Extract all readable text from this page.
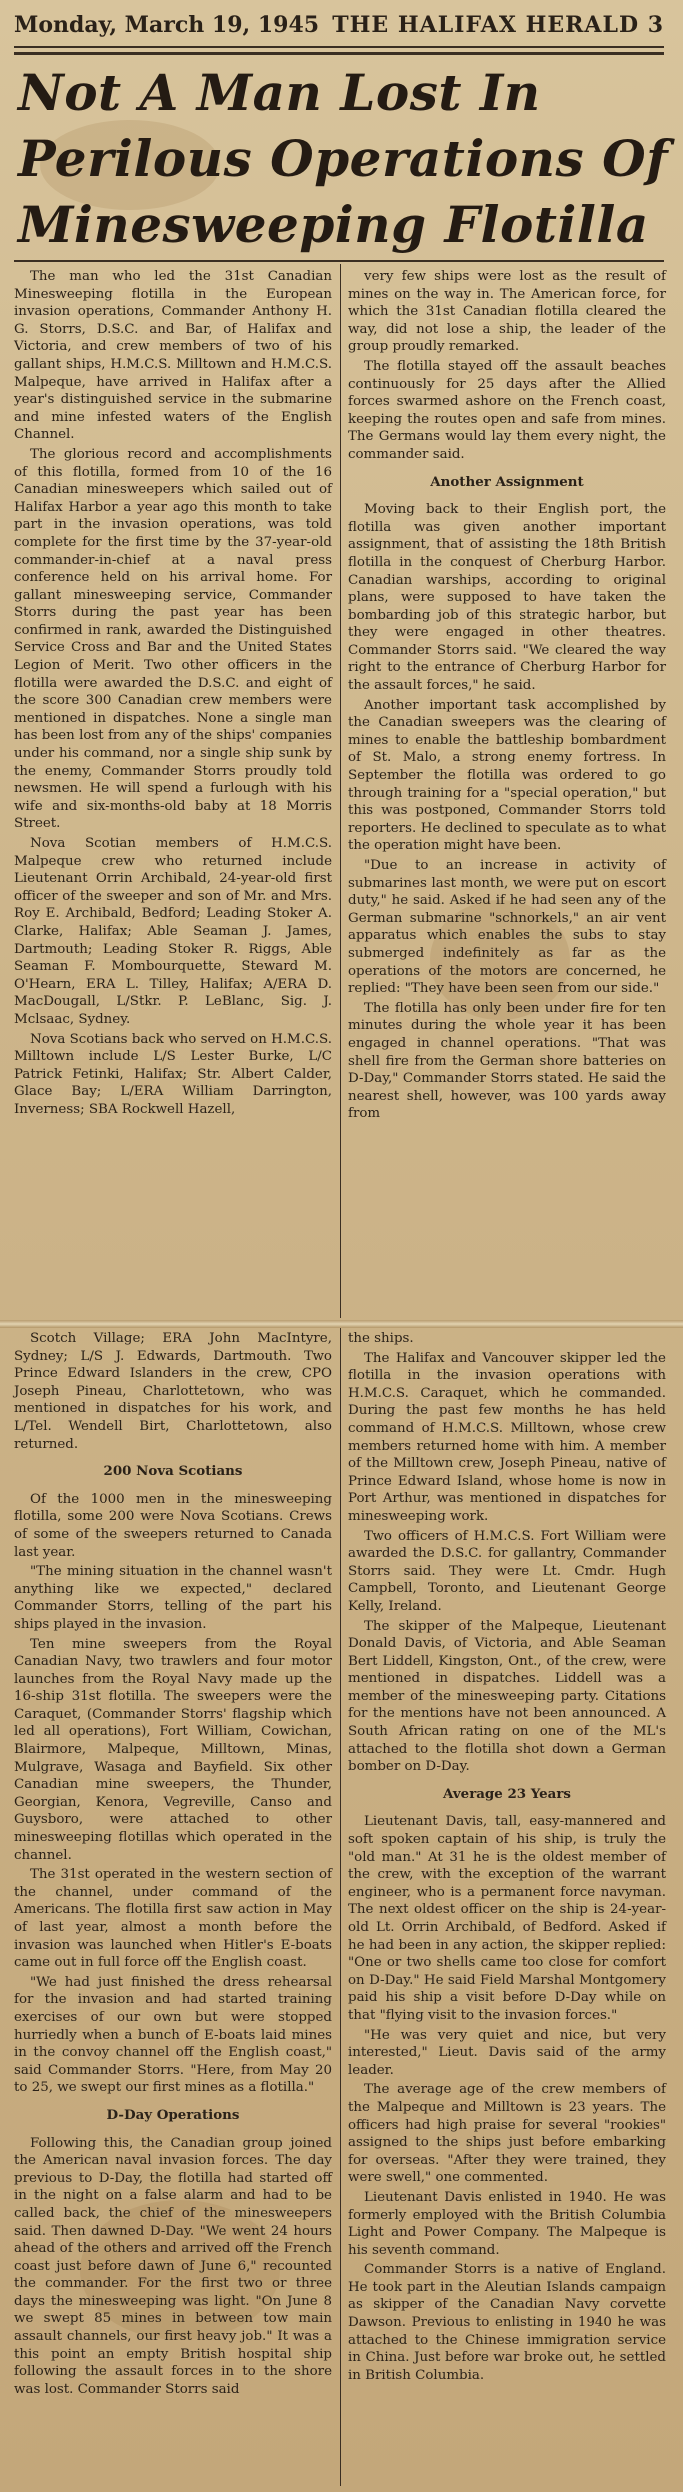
Monday, March 19, 1945 THE HALIFAX HERALD 3
Not A Man Lost In
Perilous Operations Of
Minesweeping Flotilla

The man who led the 31st Canadian Minesweeping flotilla in the European invasion operations, Commander Anthony H. G. Storrs, D.S.C. and Bar, of Halifax and Victoria, and crew members of two of his gallant ships, H.M.C.S. Milltown and H.M.C.S. Malpeque, have arrived in Halifax after a year's distinguished service in the submarine and mine infested waters of the English Channel.

The glorious record and accomplishments of this flotilla, formed from 10 of the 16 Canadian minesweepers which sailed out of Halifax Harbor a year ago this month to take part in the invasion operations, was told complete for the first time by the 37-year-old commander-in-chief at a naval press conference held on his arrival home. For gallant minesweeping service, Commander Storrs during the past year has been confirmed in rank, awarded the Distinguished Service Cross and Bar and the United States Legion of Merit. Two other officers in the flotilla were awarded the D.S.C. and eight of the score 300 Canadian crew members were mentioned in dispatches. None a single man has been lost from any of the ships' companies under his command, nor a single ship sunk by the enemy, Commander Storrs proudly told newsmen. He will spend a furlough with his wife and six-months-old baby at 18 Morris Street.

Nova Scotian members of H.M.C.S. Malpeque crew who returned include Lieutenant Orrin Archibald, 24-year-old first officer of the sweeper and son of Mr. and Mrs. Roy E. Archibald, Bedford; Leading Stoker A. Clarke, Halifax; Able Seaman J. James, Dartmouth; Leading Stoker R. Riggs, Able Seaman F. Mombourquette, Steward M. O'Hearn, ERA L. Tilley, Halifax; A/ERA D. MacDougall, L/Stkr. P. LeBlanc, Sig. J. Mclsaac, Sydney.

Nova Scotians back who served on H.M.C.S. Milltown include L/S Lester Burke, L/C Patrick Fetinki, Halifax; Str. Albert Calder, Glace Bay; L/ERA William Darrington, Inverness; SBA Rockwell Hazell,

very few ships were lost as the result of mines on the way in. The American force, for which the 31st Canadian flotilla cleared the way, did not lose a ship, the leader of the group proudly remarked.

The flotilla stayed off the assault beaches continuously for 25 days after the Allied forces swarmed ashore on the French coast, keeping the routes open and safe from mines. The Germans would lay them every night, the commander said.

Another Assignment

Moving back to their English port, the flotilla was given another important assignment, that of assisting the 18th British flotilla in the conquest of Cherburg Harbor. Canadian warships, according to original plans, were supposed to have taken the bombarding job of this strategic harbor, but they were engaged in other theatres. Commander Storrs said. "We cleared the way right to the entrance of Cherburg Harbor for the assault forces," he said.

Another important task accomplished by the Canadian sweepers was the clearing of mines to enable the battleship bombardment of St. Malo, a strong enemy fortress. In September the flotilla was ordered to go through training for a "special operation," but this was postponed, Commander Storrs told reporters. He declined to speculate as to what the operation might have been.

"Due to an increase in activity of submarines last month, we were put on escort duty," he said. Asked if he had seen any of the German submarine "schnorkels," an air vent apparatus which enables the subs to stay submerged indefinitely as far as the operations of the motors are concerned, he replied: "They have been seen from our side."

The flotilla has only been under fire for ten minutes during the whole year it has been engaged in channel operations. "That was shell fire from the German shore batteries on D-Day," Commander Storrs stated. He said the nearest shell, however, was 100 yards away from

Scotch Village; ERA John MacIntyre, Sydney; L/S J. Edwards, Dartmouth. Two Prince Edward Islanders in the crew, CPO Joseph Pineau, Charlottetown, who was mentioned in dispatches for his work, and L/Tel. Wendell Birt, Charlottetown, also returned.

200 Nova Scotians

Of the 1000 men in the minesweeping flotilla, some 200 were Nova Scotians. Crews of some of the sweepers returned to Canada last year.

"The mining situation in the channel wasn't anything like we expected," declared Commander Storrs, telling of the part his ships played in the invasion.

Ten mine sweepers from the Royal Canadian Navy, two trawlers and four motor launches from the Royal Navy made up the 16-ship 31st flotilla. The sweepers were the Caraquet, (Commander Storrs' flagship which led all operations), Fort William, Cowichan, Blairmore, Malpeque, Milltown, Minas, Mulgrave, Wasaga and Bayfield. Six other Canadian mine sweepers, the Thunder, Georgian, Kenora, Vegreville, Canso and Guysboro, were attached to other minesweeping flotillas which operated in the channel.

The 31st operated in the western section of the channel, under command of the Americans. The flotilla first saw action in May of last year, almost a month before the invasion was launched when Hitler's E-boats came out in full force off the English coast.

"We had just finished the dress rehearsal for the invasion and had started training exercises of our own but were stopped hurriedly when a bunch of E-boats laid mines in the convoy channel off the English coast," said Commander Storrs. "Here, from May 20 to 25, we swept our first mines as a flotilla."

D-Day Operations

Following this, the Canadian group joined the American naval invasion forces. The day previous to D-Day, the flotilla had started off in the night on a false alarm and had to be called back, the chief of the minesweepers said. Then dawned D-Day. "We went 24 hours ahead of the others and arrived off the French coast just before dawn of June 6," recounted the commander. For the first two or three days the minesweeping was light. "On June 8 we swept 85 mines in between tow main assault channels, our first heavy job." It was a this point an empty British hospital ship following the assault forces in to the shore was lost. Commander Storrs said

the ships.

The Halifax and Vancouver skipper led the flotilla in the invasion operations with H.M.C.S. Caraquet, which he commanded. During the past few months he has held command of H.M.C.S. Milltown, whose crew members returned home with him. A member of the Milltown crew, Joseph Pineau, native of Prince Edward Island, whose home is now in Port Arthur, was mentioned in dispatches for minesweeping work.

Two officers of H.M.C.S. Fort William were awarded the D.S.C. for gallantry, Commander Storrs said. They were Lt. Cmdr. Hugh Campbell, Toronto, and Lieutenant George Kelly, Ireland.

The skipper of the Malpeque, Lieutenant Donald Davis, of Victoria, and Able Seaman Bert Liddell, Kingston, Ont., of the crew, were mentioned in dispatches. Liddell was a member of the minesweeping party. Citations for the mentions have not been announced. A South African rating on one of the ML's attached to the flotilla shot down a German bomber on D-Day.

Average 23 Years

Lieutenant Davis, tall, easy-mannered and soft spoken captain of his ship, is truly the "old man." At 31 he is the oldest member of the crew, with the exception of the warrant engineer, who is a permanent force navyman. The next oldest officer on the ship is 24-year-old Lt. Orrin Archibald, of Bedford. Asked if he had been in any action, the skipper replied: "One or two shells came too close for comfort on D-Day." He said Field Marshal Montgomery paid his ship a visit before D-Day while on that "flying visit to the invasion forces."

"He was very quiet and nice, but very interested," Lieut. Davis said of the army leader.

The average age of the crew members of the Malpeque and Milltown is 23 years. The officers had high praise for several "rookies" assigned to the ships just before embarking for overseas. "After they were trained, they were swell," one commented.

Lieutenant Davis enlisted in 1940. He was formerly employed with the British Columbia Light and Power Company. The Malpeque is his seventh command.

Commander Storrs is a native of England. He took part in the Aleutian Islands campaign as skipper of the Canadian Navy corvette Dawson. Previous to enlisting in 1940 he was attached to the Chinese immigration service in China. Just before war broke out, he settled in British Columbia.
